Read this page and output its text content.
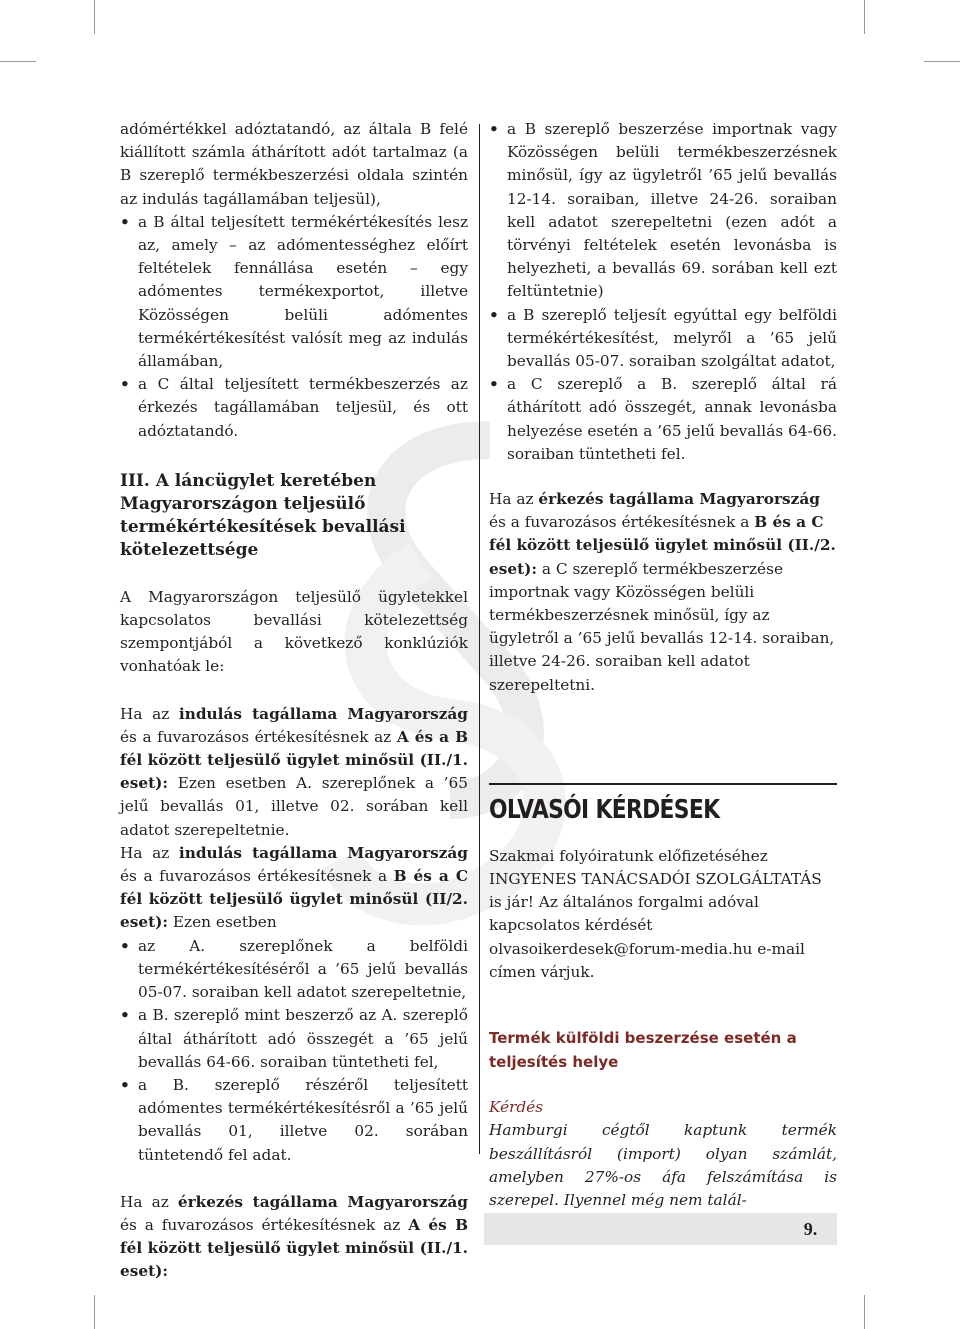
adómértékkel adóztatandó, az általa B felé kiállított számla áthárított adót tartalmaz (a B szereplő termékbeszerzési oldala szintén az indulás tagállamában teljesül),

• a B által teljesített termékértékesítés lesz az, amely – az adómentességhez előírt feltételek fennállása esetén – egy adómentes termékexportot, illetve Közösségen belüli adómentes termékértékesítést valósít meg az indulás államában,
• a C által teljesített termékbeszerzés az érkezés tagállamában teljesül, és ott adóztatandó.
III. A láncügylet keretében Magyarországon teljesülő termékértékesítések bevallási kötelezettsége

A Magyarországon teljesülő ügyletekkel kapcsolatos bevallási kötelezettség szempontjából a következő konklúziók vonhatóak le:

Ha az indulás tagállama Magyarország és a fuvarozásos értékesítésnek az A és a B fél között teljesülő ügylet minősül (II./1. eset): Ezen esetben A. szereplőnek a ’65 jelű bevallás 01, illetve 02. sorában kell adatot szerepeltetnie.

Ha az indulás tagállama Magyarország és a fuvarozásos értékesítésnek a B és a C fél között teljesülő ügylet minősül (II/2. eset): Ezen esetben

• az A. szereplőnek a belföldi termékértékesítéséről a ’65 jelű bevallás 05-07. soraiban kell adatot szerepeltetnie,
• a B. szereplő mint beszerző az A. szereplő által áthárított adó összegét a ’65 jelű bevallás 64-66. soraiban tüntetheti fel,
• a B. szereplő részéről teljesített adómentes termékértékesítésről a ’65 jelű bevallás 01, illetve 02. sorában tüntetendő fel adat.

Ha az érkezés tagállama Magyarország és a fuvarozásos értékesítésnek az A és B fél között teljesülő ügylet minősül (II./1. eset):

• a B szereplő beszerzése importnak vagy Közösségen belüli termékbeszerzésnek minősül, így az ügyletről ’65 jelű bevallás 12-14. soraiban, illetve 24-26. soraiban kell adatot szerepeltetni (ezen adót a törvényi feltételek esetén levonásba is helyezheti, a bevallás 69. sorában kell ezt feltüntetnie)
• a B szereplő teljesít egyúttal egy belföldi termékértékesítést, melyről a ’65 jelű bevallás 05-07. soraiban szolgáltat adatot,
• a C szereplő a B. szereplő által rá áthárított adó összegét, annak levonásba helyezése esetén a ’65 jelű bevallás 64-66. soraiban tüntetheti fel.

Ha az érkezés tagállama Magyarország és a fuvarozásos értékesítésnek a B és a C fél között teljesülő ügylet minősül (II./2. eset): a C szereplő termékbeszerzése importnak vagy Közösségen belüli termékbeszerzésnek minősül, így az ügyletről a ’65 jelű bevallás 12-14. soraiban, illetve 24-26. soraiban kell adatot szerepeltetni.

OLVASÓI KÉRDÉSEK

Szakmai folyóiratunk előfizetéséhez INGYENES TANÁCSADÓI SZOLGÁLTATÁS is jár! Az általános forgalmi adóval kapcsolatos kérdését olvasoikerdesek@forum-media.hu e-mail címen várjuk.

Termék külföldi beszerzése esetén a teljesítés helye
Kérdés

Hamburgi cégtől kaptunk termék beszállításról (import) olyan számlát, amelyben 27%-os áfa felszámítása is szerepel. Ilyennel még nem talál-

9.
